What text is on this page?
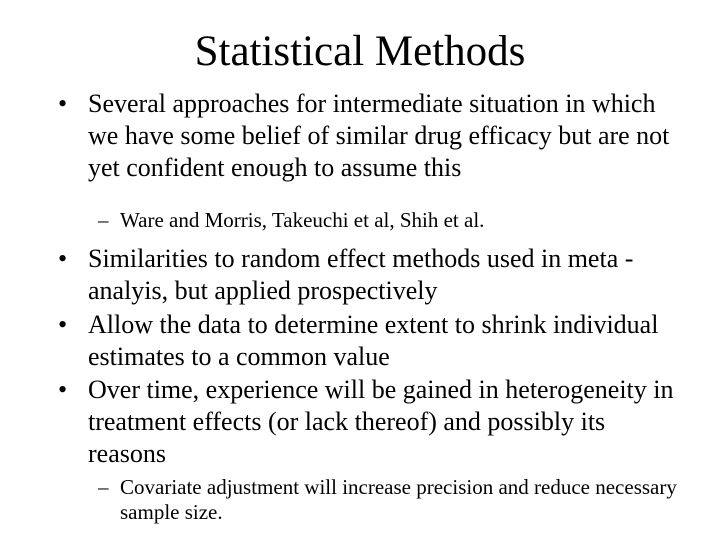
Statistical Methods
• Several approaches for intermediate situation in which we have some belief of similar drug efficacy but are not yet confident enough to assume this
– Ware and Morris, Takeuchi et al, Shih et al.
• Similarities to random effect methods used in meta -analyis, but applied prospectively
• Allow the data to determine extent to shrink individual estimates to a common value
• Over time, experience will be gained in heterogeneity in treatment effects (or lack thereof) and possibly its reasons
– Covariate adjustment will increase precision and reduce necessary sample size.
